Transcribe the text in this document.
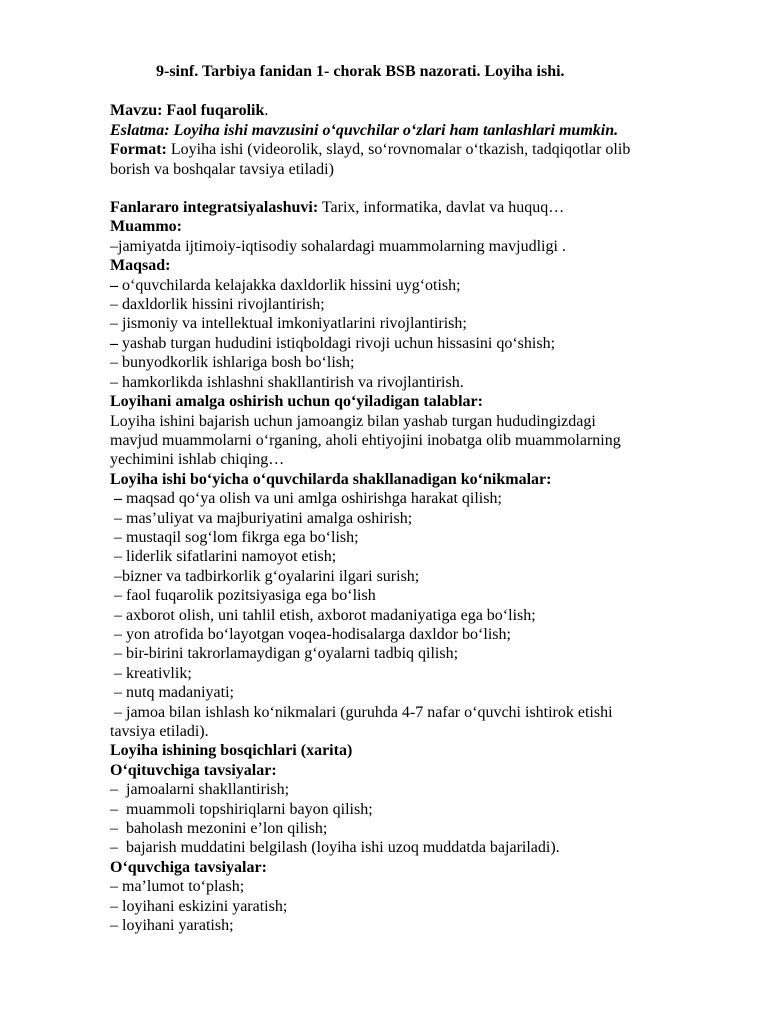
9-sinf. Tarbiya fanidan 1- chorak BSB nazorati. Loyiha ishi.
Mavzu: Faol fuqarolik.
Eslatma: Loyiha ishi mavzusini o‘quvchilar o‘zlari ham tanlashlari mumkin.
Format: Loyiha ishi (videorolik, slayd, so‘rovnomalar o‘tkazish, tadqiqotlar olib
borish va boshqalar tavsiya etiladi)
Fanlararo integratsiyalashuvi: Tarix, informatika, davlat va huquq…
Muammo:
–jamiyatda ijtimoiy-iqtisodiy sohalardagi muammolarning mavjudligi .
Maqsad:
– o‘quvchilarda kelajakka daxldorlik hissini uyg‘otish;
– daxldorlik hissini rivojlantirish;
– jismoniy va intellektual imkoniyatlarini rivojlantirish;
– yashab turgan hududini istiqboldagi rivoji uchun hissasini qo‘shish;
– bunyodkorlik ishlariga bosh bo‘lish;
– hamkorlikda ishlashni shakllantirish va rivojlantirish.
Loyihani amalga oshirish uchun qo‘yiladigan talablar:
Loyiha ishini bajarish uchun jamoangiz bilan yashab turgan hududingizdagi
mavjud muammolarni o‘rganing, aholi ehtiyojini inobatga olib muammolarning
yechimini ishlab chiqing…
Loyiha ishi bo‘yicha o‘quvchilarda shakllanadigan ko‘nikmalar:
– maqsad qo‘ya olish va uni amlga oshirishga harakat qilish;
– mas’uliyat va majburiyatini amalga oshirish;
– mustaqil sog‘lom fikrga ega bo‘lish;
– liderlik sifatlarini namoyot etish;
–bizner va tadbirkorlik g‘oyalarini ilgari surish;
– faol fuqarolik pozitsiyasiga ega bo‘lish
– axborot olish, uni tahlil etish, axborot madaniyatiga ega bo‘lish;
– yon atrofida bo‘layotgan voqea-hodisalarga daxldor bo‘lish;
– bir-birini takrorlamaydigan g‘oyalarni tadbiq qilish;
– kreativlik;
– nutq madaniyati;
– jamoa bilan ishlash ko‘nikmalari (guruhda 4-7 nafar o‘quvchi ishtirok etishi
tavsiya etiladi).
Loyiha ishining bosqichlari (xarita)
O‘qituvchiga tavsiyalar:
–  jamoalarni shakllantirish;
–  muammoli topshiriqlarni bayon qilish;
–  baholash mezonini e’lon qilish;
–  bajarish muddatini belgilash (loyiha ishi uzoq muddatda bajariladi).
O‘quvchiga tavsiyalar:
– ma’lumot to‘plash;
– loyihani eskizini yaratish;
– loyihani yaratish;
